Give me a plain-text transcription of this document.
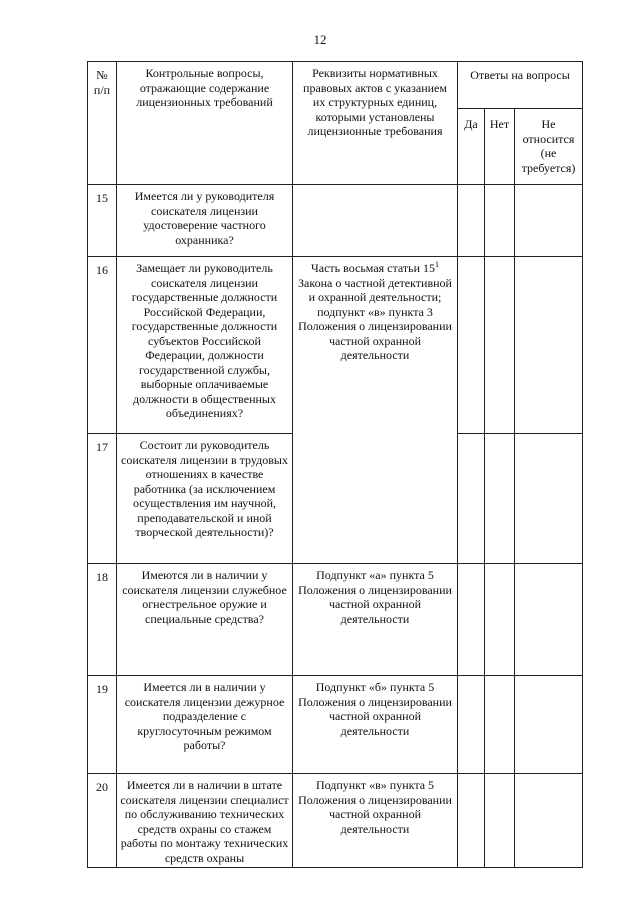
12
№
п/п	Контрольные вопросы, отражающие содержание лицензионных требований	Реквизиты нормативных правовых актов с указанием их структурных единиц, которыми установлены лицензионные требования	Ответы на вопросы		
			Да	Нет	Не относится (не требуется)
15	Имеется ли у руководителя соискателя лицензии удостоверение частного охранника?				
16	Замещает ли руководитель соискателя лицензии государственные должности Российской Федерации, государственные должности субъектов Российской Федерации, должности государственной службы, выборные оплачиваемые должности в общественных объединениях?	Часть восьмая статьи $15^1$ Закона о частной детективной и охранной деятельности; подпункт «в» пункта 3 Положения о лицензировании частной охранной деятельности			
17	Состоит ли руководитель соискателя лицензии в трудовых отношениях в качестве работника (за исключением осуществления им научной, преподавательской и иной творческой деятельности)?				
18	Имеются ли в наличии у соискателя лицензии служебное огнестрельное оружие и специальные средства?	Подпункт «а» пункта 5 Положения о лицензировании частной охранной деятельности			
19	Имеется ли в наличии у соискателя лицензии дежурное подразделение с круглосуточным режимом работы?	Подпункт «б» пункта 5 Положения о лицензировании частной охранной деятельности			
20	Имеется ли в наличии в штате соискателя лицензии специалист по обслуживанию технических средств охраны со стажем работы по монтажу технических средств охраны	Подпункт «в» пункта 5 Положения о лицензировании частной охранной деятельности			
